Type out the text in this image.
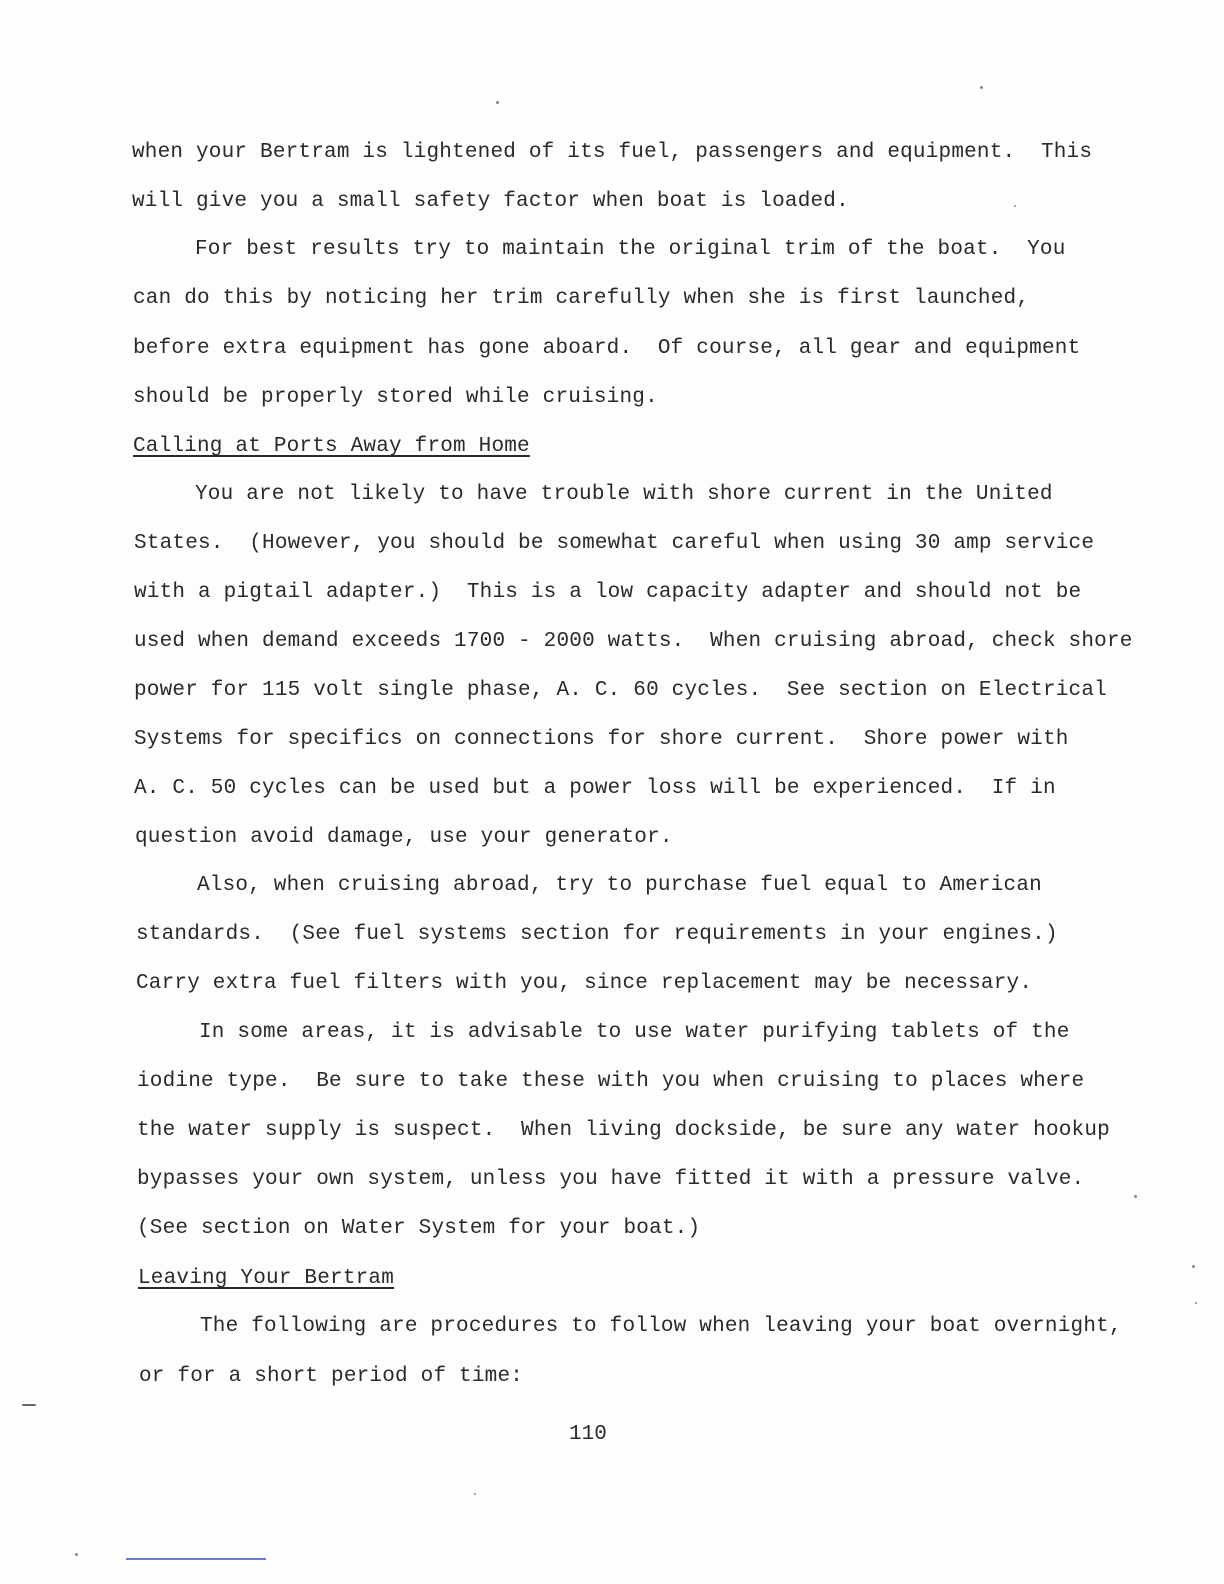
when your Bertram is lightened of its fuel, passengers and equipment.  This
will give you a small safety factor when boat is loaded.
For best results try to maintain the original trim of the boat.  You
can do this by noticing her trim carefully when she is first launched,
before extra equipment has gone aboard.  Of course, all gear and equipment
should be properly stored while cruising.
Calling at Ports Away from Home
You are not likely to have trouble with shore current in the United
States.  (However, you should be somewhat careful when using 30 amp service
with a pigtail adapter.)  This is a low capacity adapter and should not be
used when demand exceeds 1700 - 2000 watts.  When cruising abroad, check shore
power for 115 volt single phase, A. C. 60 cycles.  See section on Electrical
Systems for specifics on connections for shore current.  Shore power with
A. C. 50 cycles can be used but a power loss will be experienced.  If in
question avoid damage, use your generator.
Also, when cruising abroad, try to purchase fuel equal to American
standards.  (See fuel systems section for requirements in your engines.)
Carry extra fuel filters with you, since replacement may be necessary.
In some areas, it is advisable to use water purifying tablets of the
iodine type.  Be sure to take these with you when cruising to places where
the water supply is suspect.  When living dockside, be sure any water hookup
bypasses your own system, unless you have fitted it with a pressure valve.
(See section on Water System for your boat.)
Leaving Your Bertram
The following are procedures to follow when leaving your boat overnight,
or for a short period of time:
110
